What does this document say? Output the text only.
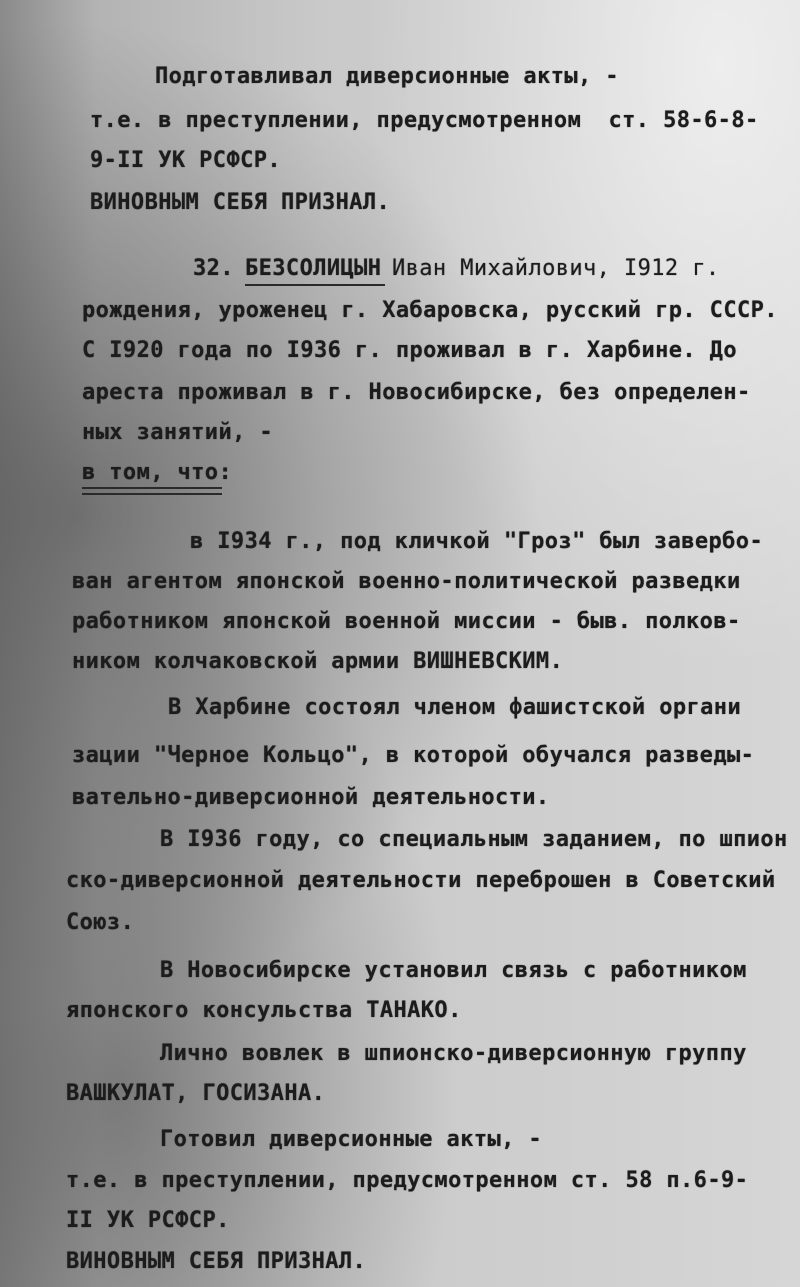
Подготавливал диверсионные акты, -
т.е. в преступлении, предусмотренном  ст. 58-6-8-
9-II УК РСФСР.
ВИНОВНЫМ СЕБЯ ПРИЗНАЛ.
32. БЕЗСОЛИЦЫН Иван Михайлович, I912 г.
рождения, уроженец г. Хабаровска, русский гр. СССР.
С I920 года по I936 г. проживал в г. Харбине. До
ареста проживал в г. Новосибирске, без определен-
ных занятий, -
в том, что:
в I934 г., под кличкой "Гроз" был завербо-
ван агентом японской военно-политической разведки
работником японской военной миссии - быв. полков-
ником колчаковской армии ВИШНЕВСКИМ.
В Харбине состоял членом фашистской органи
зации "Черное Кольцо", в которой обучался разведы-
вательно-диверсионной деятельности.
В I936 году, со специальным заданием, по шпион
ско-диверсионной деятельности переброшен в Советский
Союз.
В Новосибирске установил связь с работником
японского консульства ТАНАКО.
Лично вовлек в шпионско-диверсионную группу
ВАШКУЛАТ, ГОСИЗАНА.
Готовил диверсионные акты, -
т.е. в преступлении, предусмотренном ст. 58 п.6-9-
II УК РСФСР.
ВИНОВНЫМ СЕБЯ ПРИЗНАЛ.
